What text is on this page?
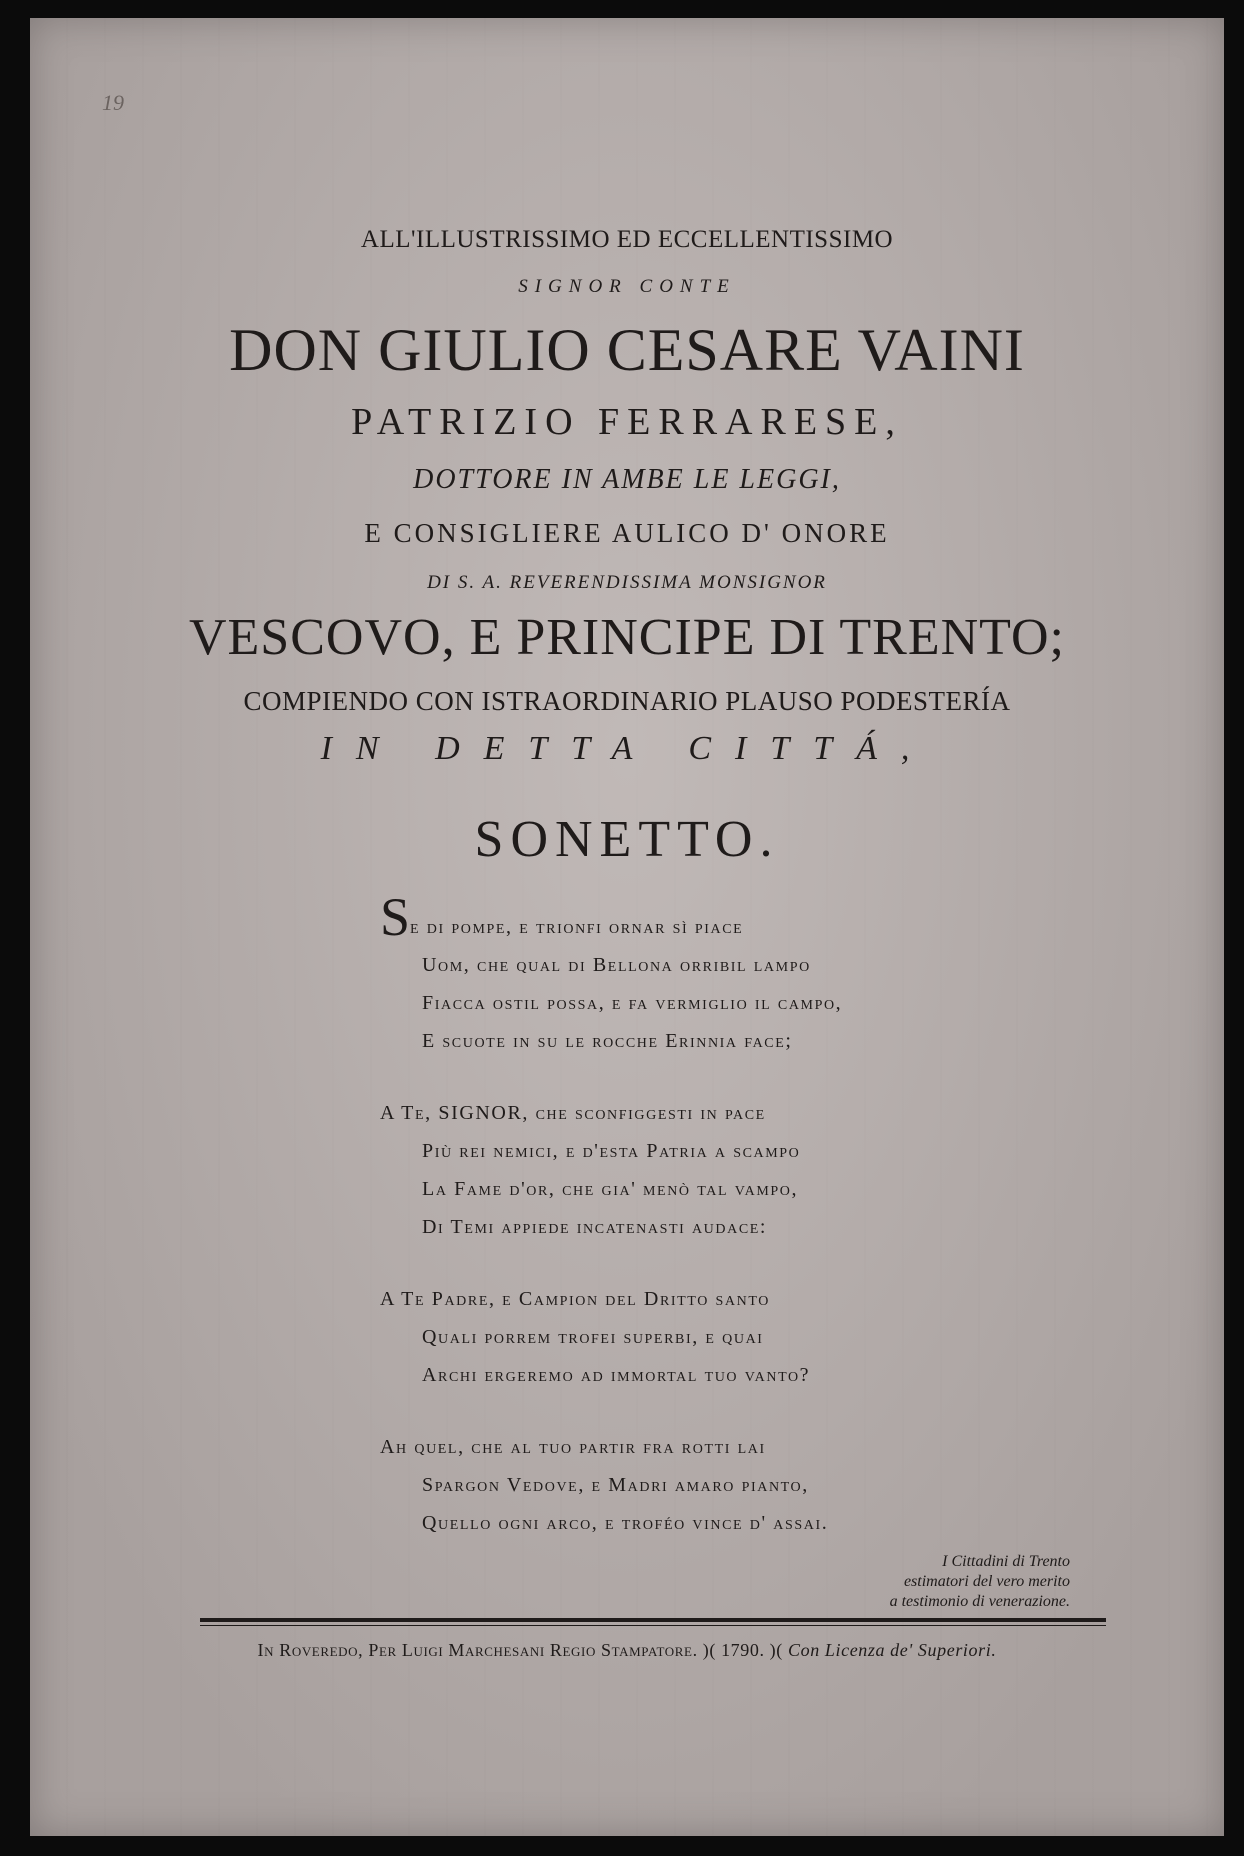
19
ALL'ILLUSTRISSIMO ED ECCELLENTISSIMO
SIGNOR CONTE
DON GIULIO CESARE VAINI
PATRIZIO FERRARESE,
DOTTORE IN AMBE LE LEGGI,
E CONSIGLIERE AULICO D' ONORE
DI S. A. REVERENDISSIMA MONSIGNOR
VESCOVO, E PRINCIPE DI TRENTO;
COMPIENDO CON ISTRAORDINARIO PLAUSO PODESTERÍA
IN DETTA CITTÁ,
SONETTO.
Se di pompe, e trionfi ornar sì piace
Uom, che qual di Bellona orribil lampo
Fiacca ostil possa, e fa vermiglio il campo,
E scuote in su le rocche Erinnia face;
A Te, SIGNOR, che sconfiggesti in pace
Più rei nemici, e d'esta Patria a scampo
La Fame d'or, che gia' menò tal vampo,
Di Temi appiede incatenasti audace:
A Te Padre, e Campion del Dritto santo
Quali porrem trofei superbi, e quai
Archi ergeremo ad immortal tuo vanto?
Ah quel, che al tuo partir fra rotti lai
Spargon Vedove, e Madri amaro pianto,
Quello ogni arco, e troféo vince d' assai.
I Cittadini di Trento
estimatori del vero merito
a testimonio di venerazione.
In Roveredo, Per Luigi Marchesani Regio Stampatore. )( 1790. )( Con Licenza de' Superiori.
